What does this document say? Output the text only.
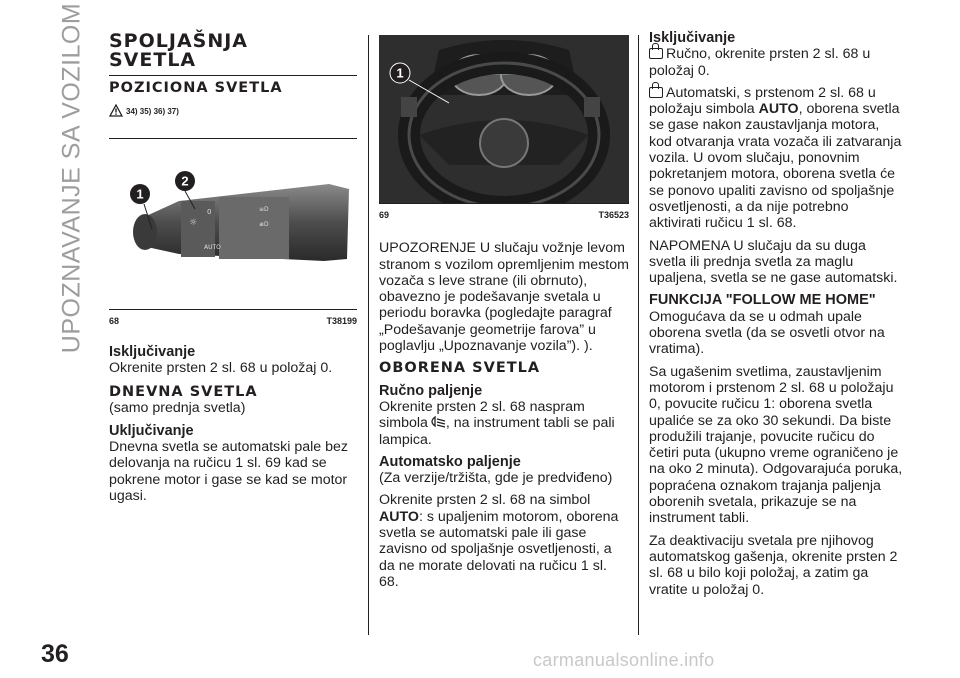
UPOZNAVANJE SA VOZILOM
36	carmanualsonline.info
SPOLJAŠNJA
SVETLA
POZICIONA SVETLA
34) 35) 36) 37)
☼
0	≡D
≢D
AUTO
1
2
68	T38199
Isključivanje

Okrenite prsten 2 sl. 68 u položaj 0.

DNEVNA SVETLA

(samo prednja svetla)

Uključivanje

Dnevna svetla se automatski pale bez delovanja na ručicu 1 sl. 69 kad se pokrene motor i gase se kad se motor ugasi.

1
69	T36523

UPOZORENJE U slučaju vožnje levom stranom s vozilom opremljenim mestom vozača s leve strane (ili obrnuto), obavezno je podešavanje svetala u periodu boravka (pogledajte paragraf „Podešavanje geometrije farova” u poglavlju „Upoznavanje vozila”). ).

OBORENA SVETLA
Ručno paljenje

Okrenite prsten 2 sl. 68 naspram simbola , na instrument tabli se pali lampica.

Automatsko paljenje

(Za verzije/tržišta, gde je predviđeno)

Okrenite prsten 2 sl. 68 na simbol
AUTO: s upaljenim motorom, oborena svetla se automatski pale ili gase zavisno od spoljašnje osvetljenosti, a da ne morate delovati na ručicu 1 sl. 68.

Isključivanje

Ručno, okrenite prsten 2 sl. 68 u položaj 0.

Automatski, s prstenom 2 sl. 68 u položaju simbola AUTO, oborena svetla se gase nakon zaustavljanja motora, kod otvaranja vrata vozača ili zatvaranja vozila. U ovom slučaju, ponovnim pokretanjem motora, oborena svetla će se ponovo upaliti zavisno od spoljašnje osvetljenosti, a da nije potrebno aktivirati ručicu 1 sl. 68.

NAPOMENA U slučaju da su duga svetla ili prednja svetla za maglu upaljena, svetla se ne gase automatski.

FUNKCIJA "FOLLOW ME HOME"

Omogućava da se u odmah upale oborena svetla (da se osvetli otvor na vratima).

Sa ugašenim svetlima, zaustavljenim motorom i prstenom 2 sl. 68 u položaju 0, povucite ručicu 1: oborena svetla upaliće se za oko 30 sekundi. Da biste produžili trajanje, povucite ručicu do četiri puta (ukupno vreme ograničeno je na oko 2 minuta). Odgovarajuća poruka, popraćena oznakom trajanja paljenja oborenih svetala, prikazuje se na instrument tabli.

Za deaktivaciju svetala pre njihovog automatskog gašenja, okrenite prsten 2 sl. 68 u bilo koji položaj, a zatim ga vratite u položaj 0.
